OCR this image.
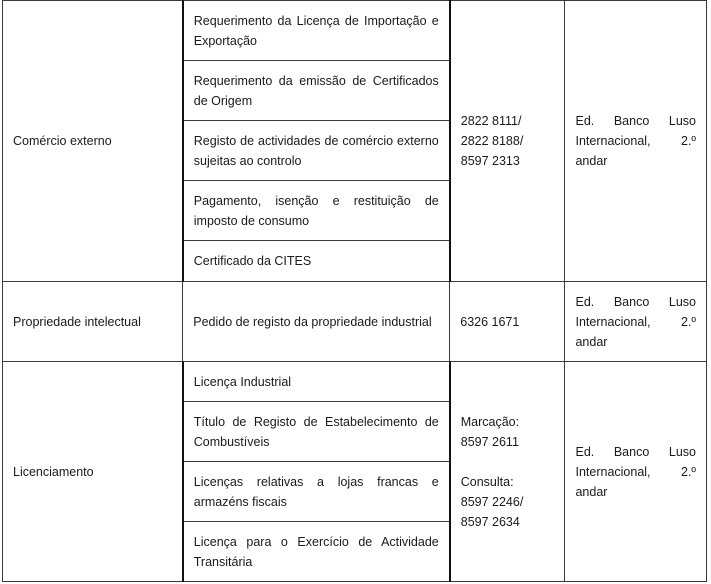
Comércio externo	Requerimento da Licença de Importação e Exportação	2822 8111/
2822 8188/
8597 2313	Ed. Banco Luso Internacional, 2.º andar
	Requerimento da emissão de Certificados de Origem		
	Registo de actividades de comércio externo sujeitas ao controlo		
	Pagamento, isenção e restituição de imposto de consumo		
	Certificado da CITES		
Propriedade intelectual	Pedido de registo da propriedade industrial	6326 1671	Ed. Banco Luso Internacional, 2.º andar
Licenciamento	Licença Industrial	Marcação:
8597 2611
Consulta:
8597 2246/
8597 2634	Ed. Banco Luso Internacional, 2.º andar
	Título de Registo de Estabelecimento de Combustíveis		
	Licenças relativas a lojas francas e armazéns fiscais		
	Licença para o Exercício de Actividade Transitária		
